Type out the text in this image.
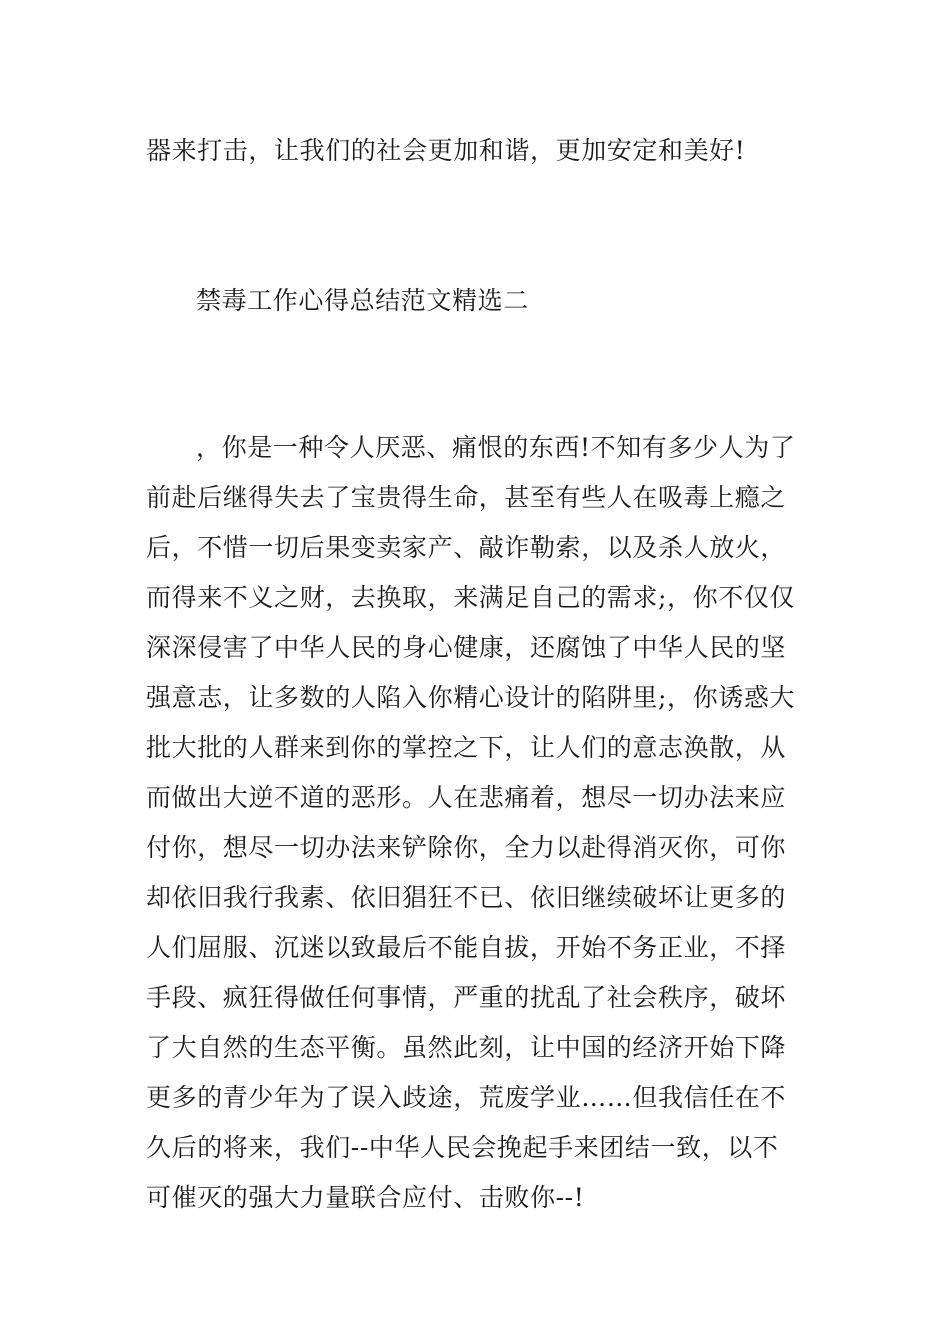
器来打击，让我们的社会更加和谐，更加安定和美好!
禁毒工作心得总结范文精选二
，你是一种令人厌恶、痛恨的东西!不知有多少人为了
前赴后继得失去了宝贵得生命，甚至有些人在吸毒上瘾之
后，不惜一切后果变卖家产、敲诈勒索，以及杀人放火，
而得来不义之财，去换取，来满足自己的需求;，你不仅仅
深深侵害了中华人民的身心健康，还腐蚀了中华人民的坚
强意志，让多数的人陷入你精心设计的陷阱里;，你诱惑大
批大批的人群来到你的掌控之下，让人们的意志涣散，从
而做出大逆不道的恶形。人在悲痛着，想尽一切办法来应
付你，想尽一切办法来铲除你，全力以赴得消灭你，可你
却依旧我行我素、依旧猖狂不已、依旧继续破坏让更多的
人们屈服、沉迷以致最后不能自拔，开始不务正业，不择
手段、疯狂得做任何事情，严重的扰乱了社会秩序，破坏
了大自然的生态平衡。虽然此刻，让中国的经济开始下降
更多的青少年为了误入歧途，荒废学业……但我信任在不
久后的将来，我们--中华人民会挽起手来团结一致，以不
可催灭的强大力量联合应付、击败你--!
